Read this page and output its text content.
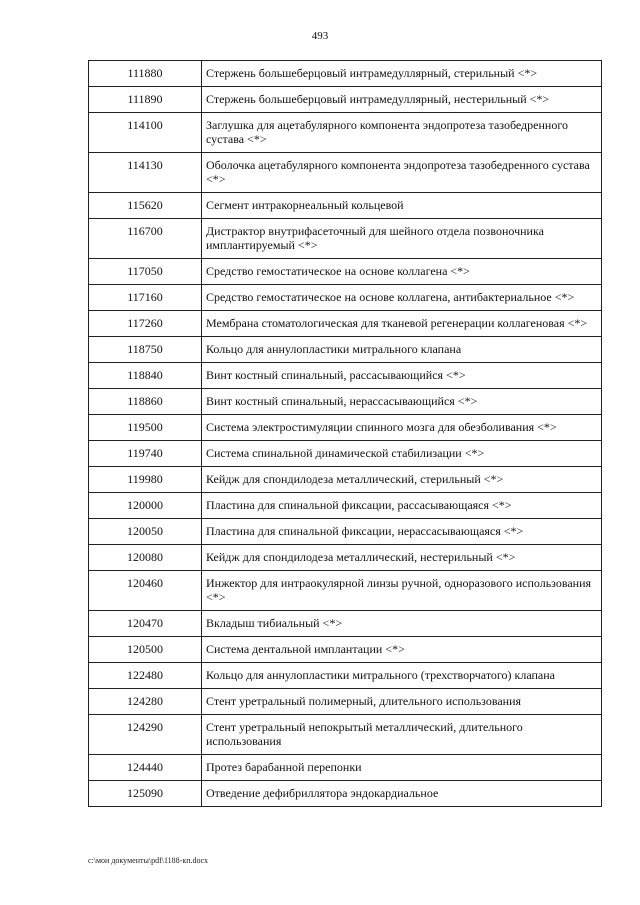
493
111880	Стержень большеберцовый интрамедуллярный, стерильный <*>
111890	Стержень большеберцовый интрамедуллярный, нестерильный <*>
114100	Заглушка для ацетабулярного компонента эндопротеза тазобедренного сустава <*>
114130	Оболочка ацетабулярного компонента эндопротеза тазобедренного сустава <*>
115620	Сегмент интракорнеальный кольцевой
116700	Дистрактор внутрифасеточный для шейного отдела позвоночника имплантируемый <*>
117050	Средство гемостатическое на основе коллагена <*>
117160	Средство гемостатическое на основе коллагена, антибактериальное <*>
117260	Мембрана стоматологическая для тканевой регенерации коллагеновая <*>
118750	Кольцо для аннулопластики митрального клапана
118840	Винт костный спинальный, рассасывающийся <*>
118860	Винт костный спинальный, нерассасывающийся <*>
119500	Система электростимуляции спинного мозга для обезболивания <*>
119740	Система спинальной динамической стабилизации <*>
119980	Кейдж для спондилодеза металлический, стерильный <*>
120000	Пластина для спинальной фиксации, рассасывающаяся <*>
120050	Пластина для спинальной фиксации, нерассасывающаяся <*>
120080	Кейдж для спондилодеза металлический, нестерильный <*>
120460	Инжектор для интраокулярной линзы ручной, одноразового использования <*>
120470	Вкладыш тибиальный <*>
120500	Система дентальной имплантации <*>
122480	Кольцо для аннулопластики митрального (трехстворчатого) клапана
124280	Стент уретральный полимерный, длительного использования
124290	Стент уретральный непокрытый металлический, длительного использования
124440	Протез барабанной перепонки
125090	Отведение дефибриллятора эндокардиальное
c:\мои документы\pdf\1188-кп.docx
